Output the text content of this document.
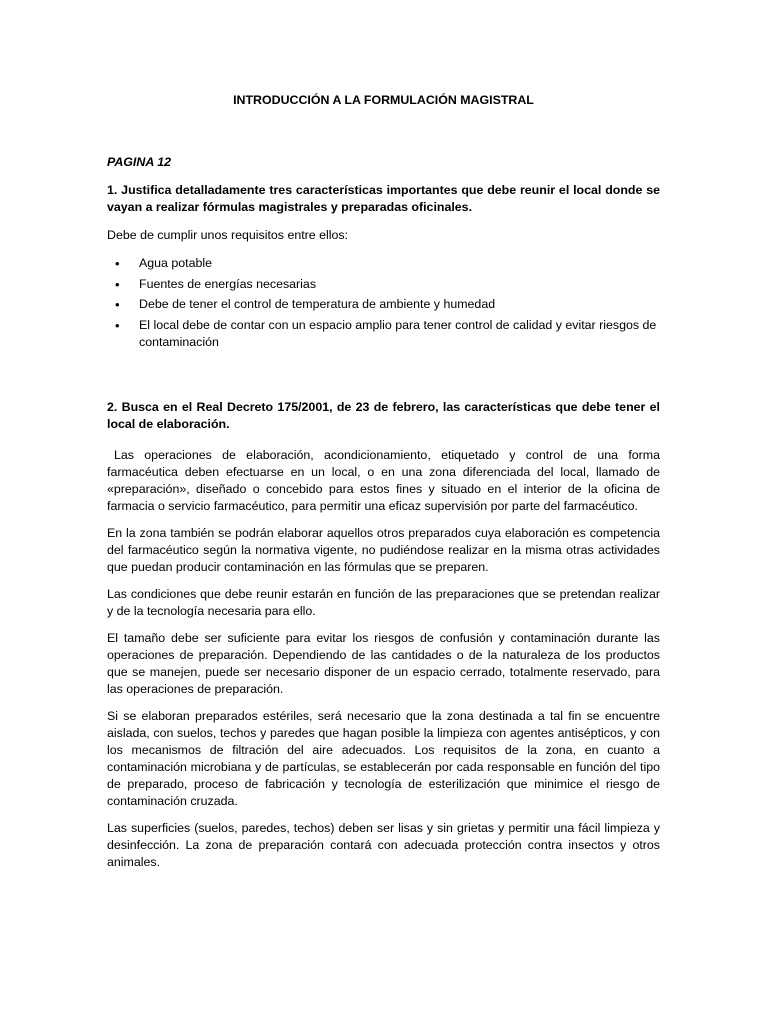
INTRODUCCIÓN A LA FORMULACIÓN MAGISTRAL

PAGINA 12

1. Justifica detalladamente tres características importantes que debe reunir el local donde se vayan a realizar fórmulas magistrales y preparadas oficinales.

Debe de cumplir unos requisitos entre ellos:

• Agua potable
• Fuentes de energías necesarias
• Debe de tener el control de temperatura de ambiente y humedad
• El local debe de contar con un espacio amplio para tener control de calidad y evitar riesgos de contaminación

2. Busca en el Real Decreto 175/2001, de 23 de febrero, las características que debe tener el local de elaboración.

Las operaciones de elaboración, acondicionamiento, etiquetado y control de una forma farmacéutica deben efectuarse en un local, o en una zona diferenciada del local, llamado de «preparación», diseñado o concebido para estos fines y situado en el interior de la oficina de farmacia o servicio farmacéutico, para permitir una eficaz supervisión por parte del farmacéutico.

En la zona también se podrán elaborar aquellos otros preparados cuya elaboración es competencia del farmacéutico según la normativa vigente, no pudiéndose realizar en la misma otras actividades que puedan producir contaminación en las fórmulas que se preparen.

Las condiciones que debe reunir estarán en función de las preparaciones que se pretendan realizar y de la tecnología necesaria para ello.

El tamaño debe ser suficiente para evitar los riesgos de confusión y contaminación durante las operaciones de preparación. Dependiendo de las cantidades o de la naturaleza de los productos que se manejen, puede ser necesario disponer de un espacio cerrado, totalmente reservado, para las operaciones de preparación.

Si se elaboran preparados estériles, será necesario que la zona destinada a tal fin se encuentre aislada, con suelos, techos y paredes que hagan posible la limpieza con agentes antisépticos, y con los mecanismos de filtración del aire adecuados. Los requisitos de la zona, en cuanto a contaminación microbiana y de partículas, se establecerán por cada responsable en función del tipo de preparado, proceso de fabricación y tecnología de esterilización que minimice el riesgo de contaminación cruzada.

Las superficies (suelos, paredes, techos) deben ser lisas y sin grietas y permitir una fácil limpieza y desinfección. La zona de preparación contará con adecuada protección contra insectos y otros animales.
